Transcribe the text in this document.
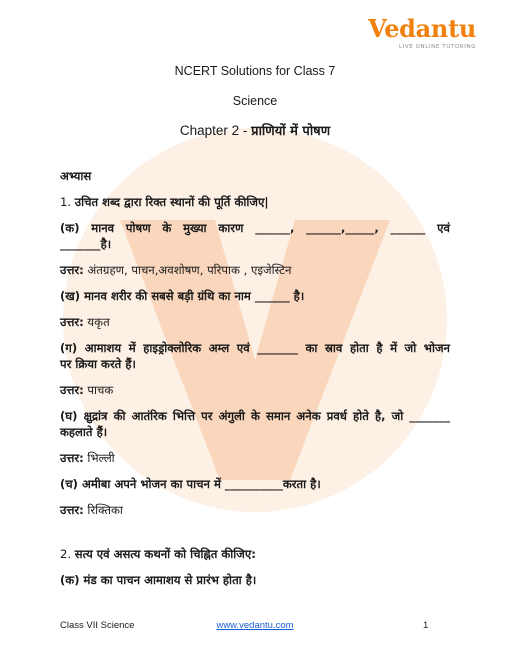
Vedantu
LIVE ONLINE TUTORING
NCERT Solutions for Class 7
Science
Chapter 2 - प्राणियों में पोषण

अभ्यास

1. उचित शब्द द्वारा रिक्त स्थानों की पूर्ति कीजिए|

(क) मानव पोषण के मुख्या कारण ______, ______,_____, ______ एवं

_______है।

उत्तर: अंतग्रहण, पाचन,अवशोषण, परिपाक , एइजेस्टिन

(ख) मानव शरीर की सबसे बड़ी ग्रंथि का नाम ______ है।

उत्तर: यकृत

(ग) आमाशय में हाइड्रोक्लोरिक अम्ल एवं _______ का स्राव होता है में जो भोजन

पर क्रिया करते हैं।

उत्तर: पाचक

(घ) क्षुद्रांत्र की आतंरिक भित्ति पर अंगुली के समान अनेक प्रवर्ध होते है, जो _______

कहलाते हैं।

उत्तर: भिल्ली

(च) अमीबा अपने भोजन का पाचन में __________करता है।

उत्तर: रिक्तिका

2. सत्य एवं असत्य कथनों को चिह्नित कीजिए:

(क) मंड का पाचन आमाशय से प्रारंभ होता है।

Class VII Science	www.vedantu.com	1
